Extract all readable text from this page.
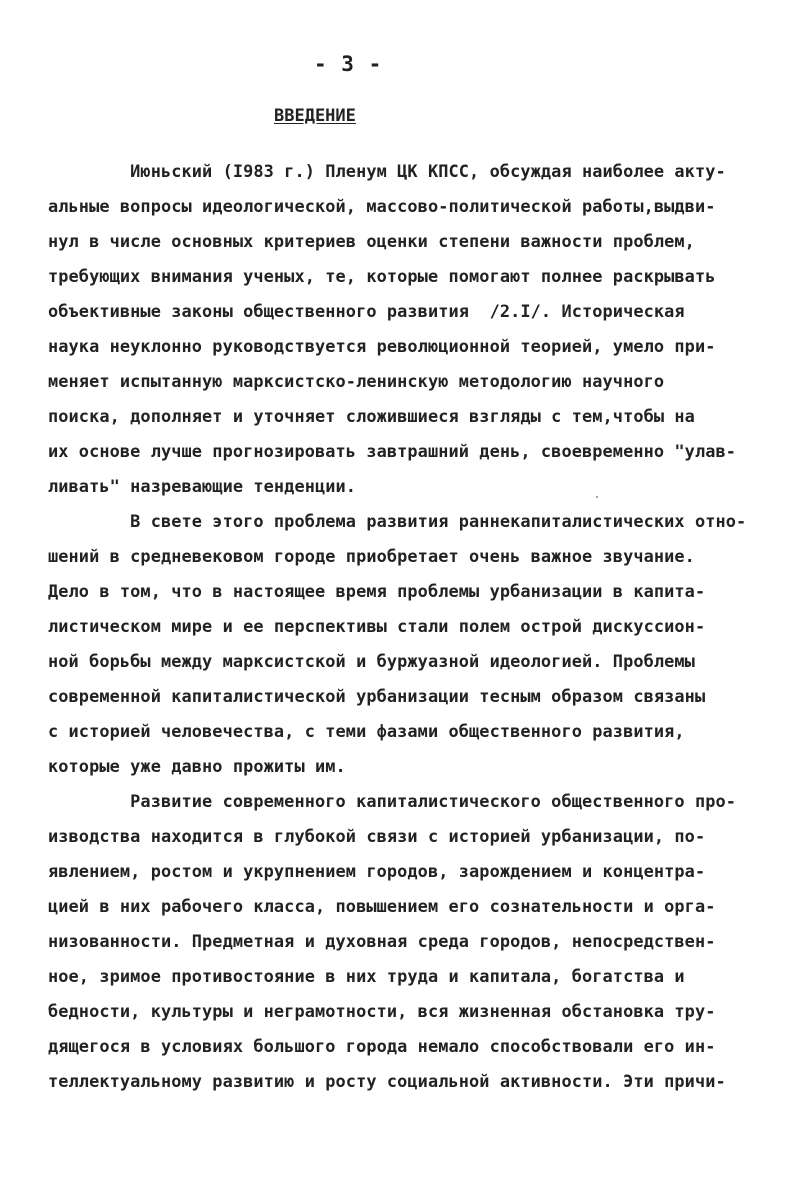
- 3 -
ВВЕДЕНИЕ
Июньский (I983 г.) Пленум ЦК КПСС, обсуждая наиболее акту-
альные вопросы идеологической, массово-политической работы,выдви-
нул в числе основных критериев оценки степени важности проблем,
требующих внимания ученых, те, которые помогают полнее раскрывать
объективные законы общественного развития  /2.I/. Историческая
наука неуклонно руководствуется революционной теорией, умело при-
меняет испытанную марксистско-ленинскую методологию научного
поиска, дополняет и уточняет сложившиеся взгляды с тем,чтобы на
их основе лучше прогнозировать завтрашний день, своевременно "улав-
ливать" назревающие тенденции.
В свете этого проблема развития раннекапиталистических отно-
шений в средневековом городе приобретает очень важное звучание.
Дело в том, что в настоящее время проблемы урбанизации в капита-
листическом мире и ее перспективы стали полем острой дискуссион-
ной борьбы между марксистской и буржуазной идеологией. Проблемы
современной капиталистической урбанизации тесным образом связаны
с историей человечества, с теми фазами общественного развития,
которые уже давно прожиты им.
Развитие современного капиталистического общественного про-
изводства находится в глубокой связи с историей урбанизации, по-
явлением, ростом и укрупнением городов, зарождением и концентра-
цией в них рабочего класса, повышением его сознательности и орга-
низованности. Предметная и духовная среда городов, непосредствен-
ное, зримое противостояние в них труда и капитала, богатства и
бедности, культуры и неграмотности, вся жизненная обстановка тру-
дящегося в условиях большого города немало способствовали его ин-
теллектуальному развитию и росту социальной активности. Эти причи-
